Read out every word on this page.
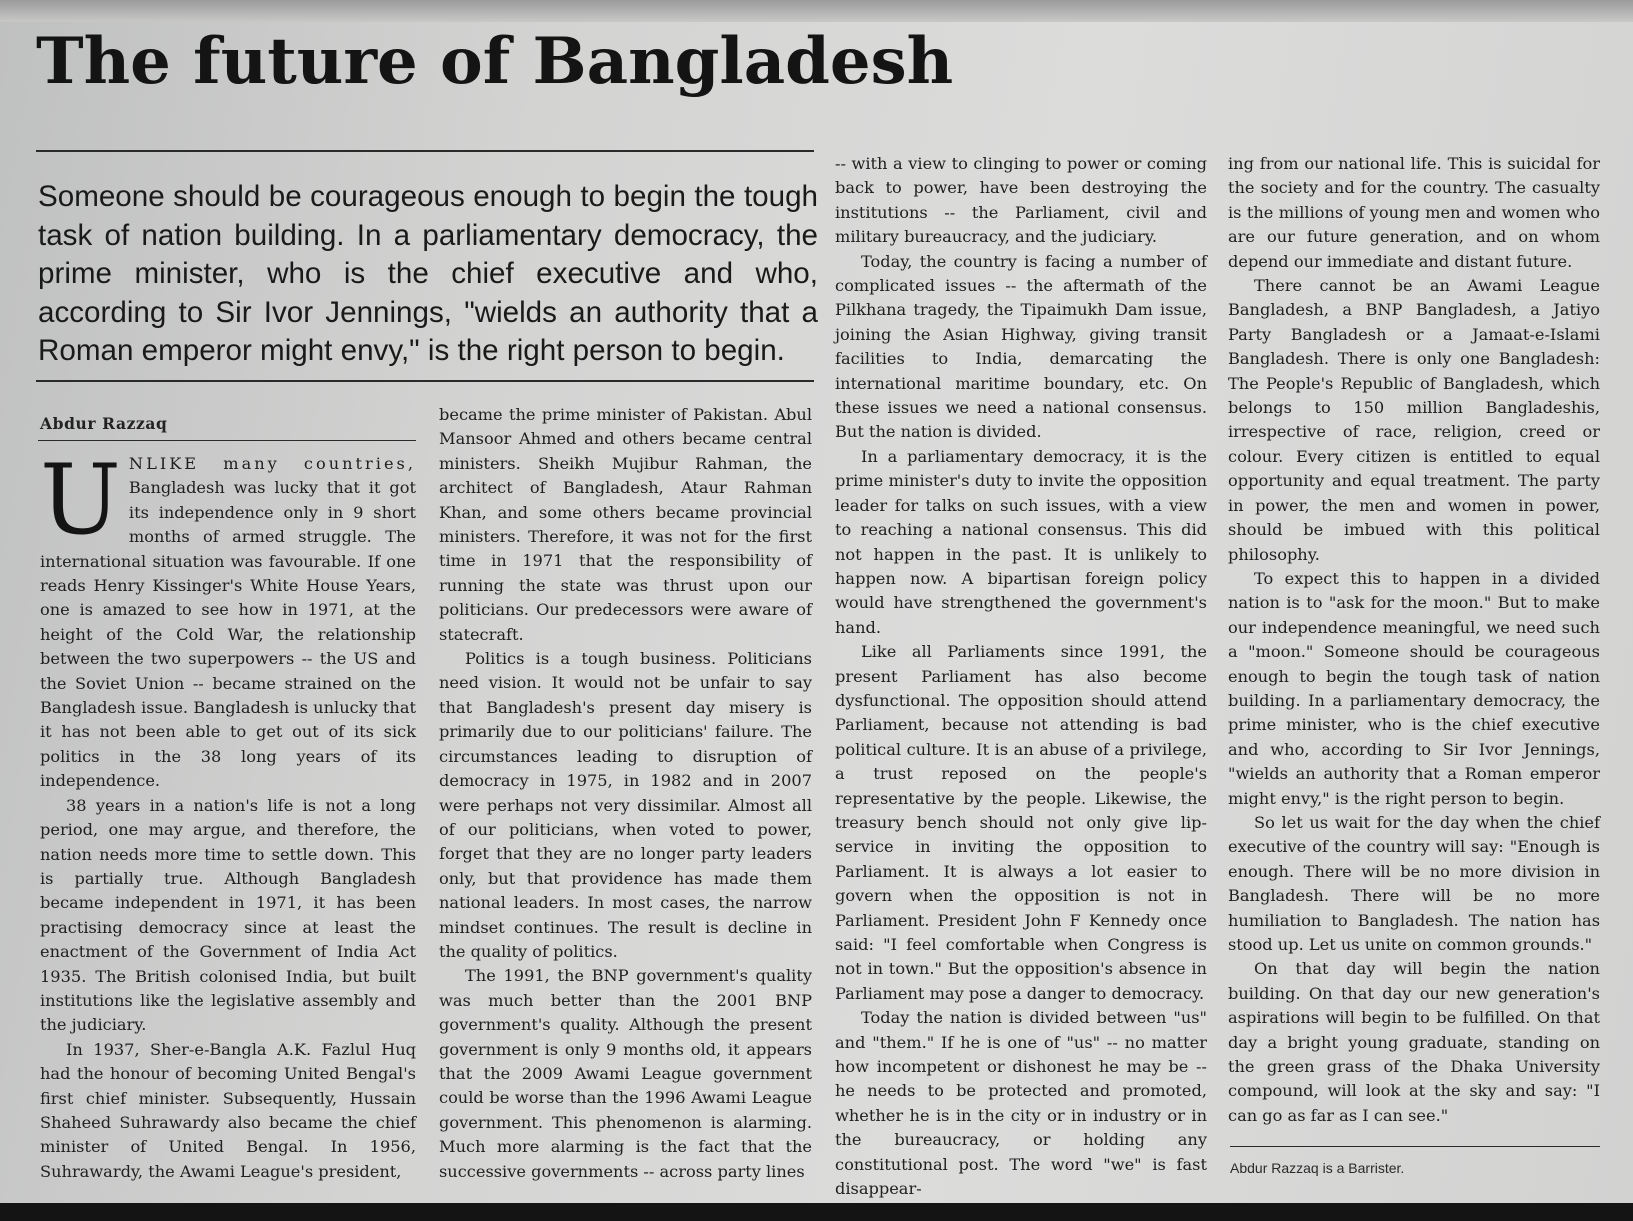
The future of Bangladesh

Someone should be courageous enough to begin the tough task of nation building. In a parliamentary democracy, the prime minister, who is the chief executive and who, according to Sir Ivor Jennings, "wields an authority that a Roman emperor might envy," is the right person to begin.

Abdur Razzaq

UNLIKE many countries, Bangladesh was lucky that it got its independence only in 9 short months of armed struggle. The international situation was favourable. If one reads Henry Kissinger's White House Years, one is amazed to see how in 1971, at the height of the Cold War, the relationship between the two superpowers -- the US and the Soviet Union -- became strained on the Bangladesh issue. Bangladesh is unlucky that it has not been able to get out of its sick politics in the 38 long years of its independence.

38 years in a nation's life is not a long period, one may argue, and therefore, the nation needs more time to settle down. This is partially true. Although Bangladesh became independent in 1971, it has been practising democracy since at least the enactment of the Government of India Act 1935. The British colonised India, but built institutions like the legislative assembly and the judiciary.

In 1937, Sher-e-Bangla A.K. Fazlul Huq had the honour of becoming United Bengal's first chief minister. Subsequently, Hussain Shaheed Suhrawardy also became the chief minister of United Bengal. In 1956, Suhrawardy, the Awami League's president,

became the prime minister of Pakistan. Abul Mansoor Ahmed and others became central ministers. Sheikh Mujibur Rahman, the architect of Bangladesh, Ataur Rahman Khan, and some others became provincial ministers. Therefore, it was not for the first time in 1971 that the responsibility of running the state was thrust upon our politicians. Our predecessors were aware of statecraft.

Politics is a tough business. Politicians need vision. It would not be unfair to say that Bangladesh's present day misery is primarily due to our politicians' failure. The circumstances leading to disruption of democracy in 1975, in 1982 and in 2007 were perhaps not very dissimilar. Almost all of our politicians, when voted to power, forget that they are no longer party leaders only, but that providence has made them national leaders. In most cases, the narrow mindset continues. The result is decline in the quality of politics.

The 1991, the BNP government's quality was much better than the 2001 BNP government's quality. Although the present government is only 9 months old, it appears that the 2009 Awami League government could be worse than the 1996 Awami League government. This phenomenon is alarming. Much more alarming is the fact that the successive governments -- across party lines

-- with a view to clinging to power or coming back to power, have been destroying the institutions -- the Parliament, civil and military bureaucracy, and the judiciary.

Today, the country is facing a number of complicated issues -- the aftermath of the Pilkhana tragedy, the Tipaimukh Dam issue, joining the Asian Highway, giving transit facilities to India, demarcating the international maritime boundary, etc. On these issues we need a national consensus. But the nation is divided.

In a parliamentary democracy, it is the prime minister's duty to invite the opposition leader for talks on such issues, with a view to reaching a national consensus. This did not happen in the past. It is unlikely to happen now. A bipartisan foreign policy would have strengthened the government's hand.

Like all Parliaments since 1991, the present Parliament has also become dysfunctional. The opposition should attend Parliament, because not attending is bad political culture. It is an abuse of a privilege, a trust reposed on the people's representative by the people. Likewise, the treasury bench should not only give lip-service in inviting the opposition to Parliament. It is always a lot easier to govern when the opposition is not in Parliament. President John F Kennedy once said: "I feel comfortable when Congress is not in town." But the opposition's absence in Parliament may pose a danger to democracy.

Today the nation is divided between "us" and "them." If he is one of "us" -- no matter how incompetent or dishonest he may be -- he needs to be protected and promoted, whether he is in the city or in industry or in the bureaucracy, or holding any constitutional post. The word "we" is fast disappear-

ing from our national life. This is suicidal for the society and for the country. The casualty is the millions of young men and women who are our future generation, and on whom depend our immediate and distant future.

There cannot be an Awami League Bangladesh, a BNP Bangladesh, a Jatiyo Party Bangladesh or a Jamaat-e-Islami Bangladesh. There is only one Bangladesh: The People's Republic of Bangladesh, which belongs to 150 million Bangladeshis, irrespective of race, religion, creed or colour. Every citizen is entitled to equal opportunity and equal treatment. The party in power, the men and women in power, should be imbued with this political philosophy.

To expect this to happen in a divided nation is to "ask for the moon." But to make our independence meaningful, we need such a "moon." Someone should be courageous enough to begin the tough task of nation building. In a parliamentary democracy, the prime minister, who is the chief executive and who, according to Sir Ivor Jennings, "wields an authority that a Roman emperor might envy," is the right person to begin.

So let us wait for the day when the chief executive of the country will say: "Enough is enough. There will be no more division in Bangladesh. There will be no more humiliation to Bangladesh. The nation has stood up. Let us unite on common grounds."

On that day will begin the nation building. On that day our new generation's aspirations will begin to be fulfilled. On that day a bright young graduate, standing on the green grass of the Dhaka University compound, will look at the sky and say: "I can go as far as I can see."

Abdur Razzaq is a Barrister.
